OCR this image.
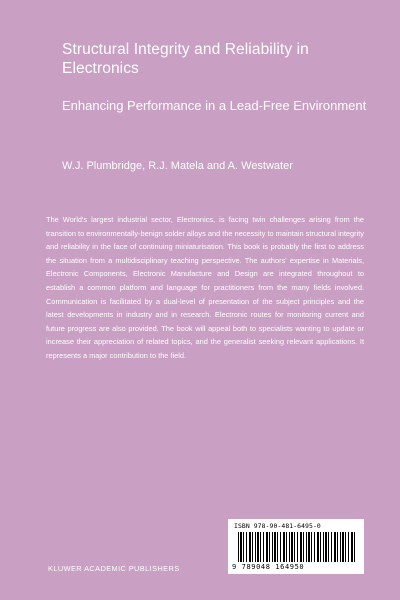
Structural Integrity and Reliability in Electronics
Enhancing Performance in a Lead-Free Environment
W.J. Plumbridge, R.J. Matela and A. Westwater

The World's largest industrial sector, Electronics, is facing twin challenges arising from the transition to environmentally-benign solder alloys and the necessity to maintain structural integrity and reliability in the face of continuing miniaturisation. This book is probably the first to address the situation from a multidisciplinary teaching perspective. The authors' expertise in Materials, Electronic Components, Electronic Manufacture and Design are integrated throughout to establish a common platform and language for practitioners from the many fields involved. Communication is facilitated by a dual-level of presentation of the subject principles and the latest developments in industry and in research. Electronic routes for monitoring current and future progress are also provided. The book will appeal both to specialists wanting to update or increase their appreciation of related topics, and the generalist seeking relevant applications. It represents a major contribution to the field.

ISBN 978-90-481-6495-0
9 789048 164950
KLUWER ACADEMIC PUBLISHERS
